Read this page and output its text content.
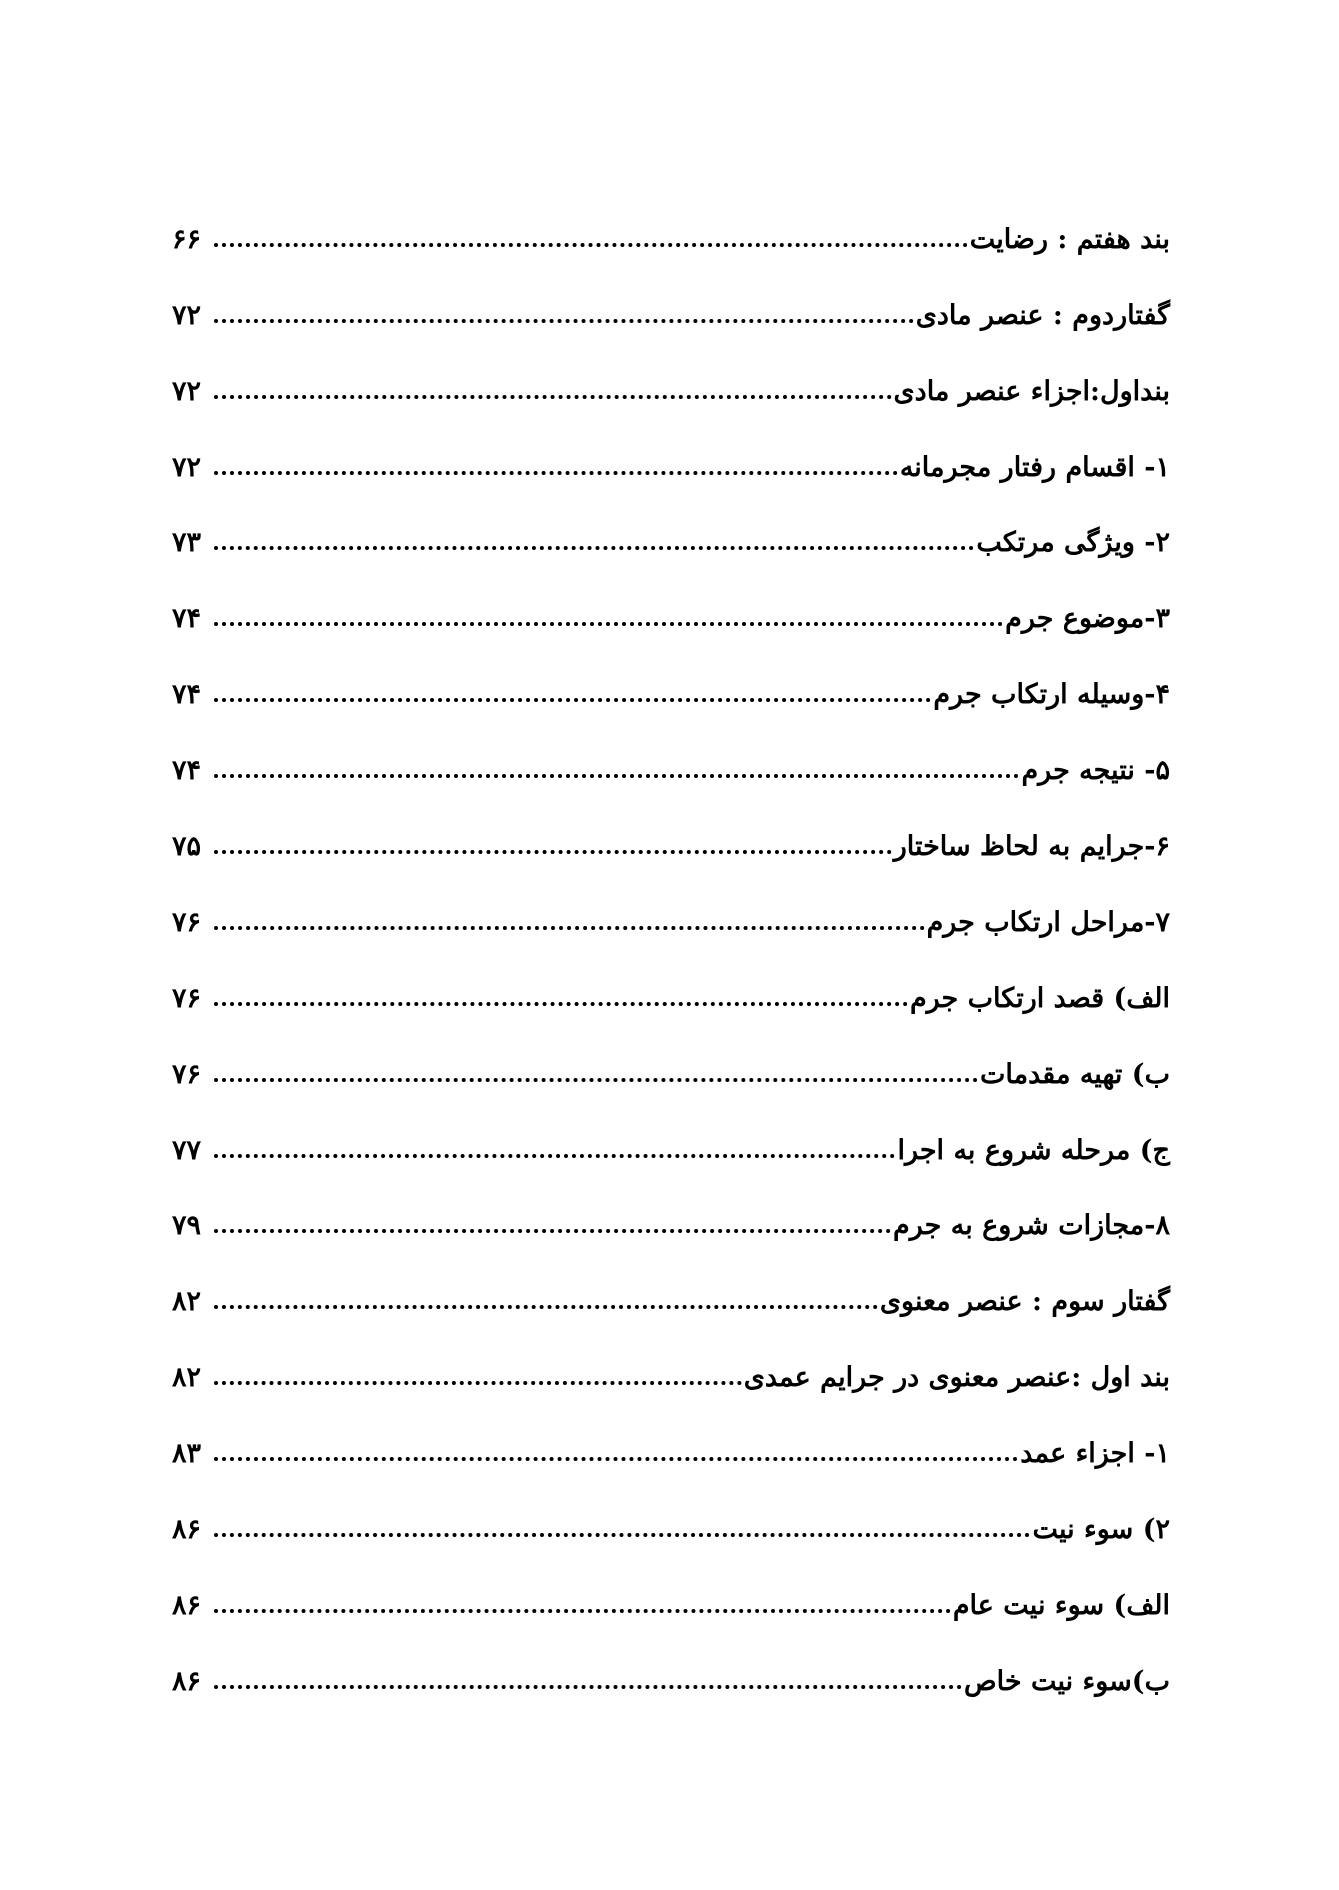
بند هفتم : رضایت
۶۶
گفتاردوم : عنصر مادی
۷۲
بنداول:اجزاء عنصر مادی
۷۲
۱- اقسام رفتار مجرمانه
۷۲
۲- ویژگی مرتکب
۷۳
۳-موضوع جرم
۷۴
۴-وسیله ارتکاب جرم
۷۴
۵- نتیجه جرم
۷۴
۶-جرایم به لحاظ ساختار
۷۵
۷-مراحل ارتکاب جرم
۷۶
الف) قصد ارتکاب جرم
۷۶
ب) تهیه مقدمات
۷۶
ج) مرحله شروع به اجرا
۷۷
۸-مجازات شروع به جرم
۷۹
گفتار سوم : عنصر معنوی
۸۲
بند اول :عنصر معنوی در جرایم عمدی
۸۲
۱- اجزاء عمد
۸۳
۲) سوء نیت
۸۶
الف) سوء نیت عام
۸۶
ب)سوء نیت خاص
۸۶
